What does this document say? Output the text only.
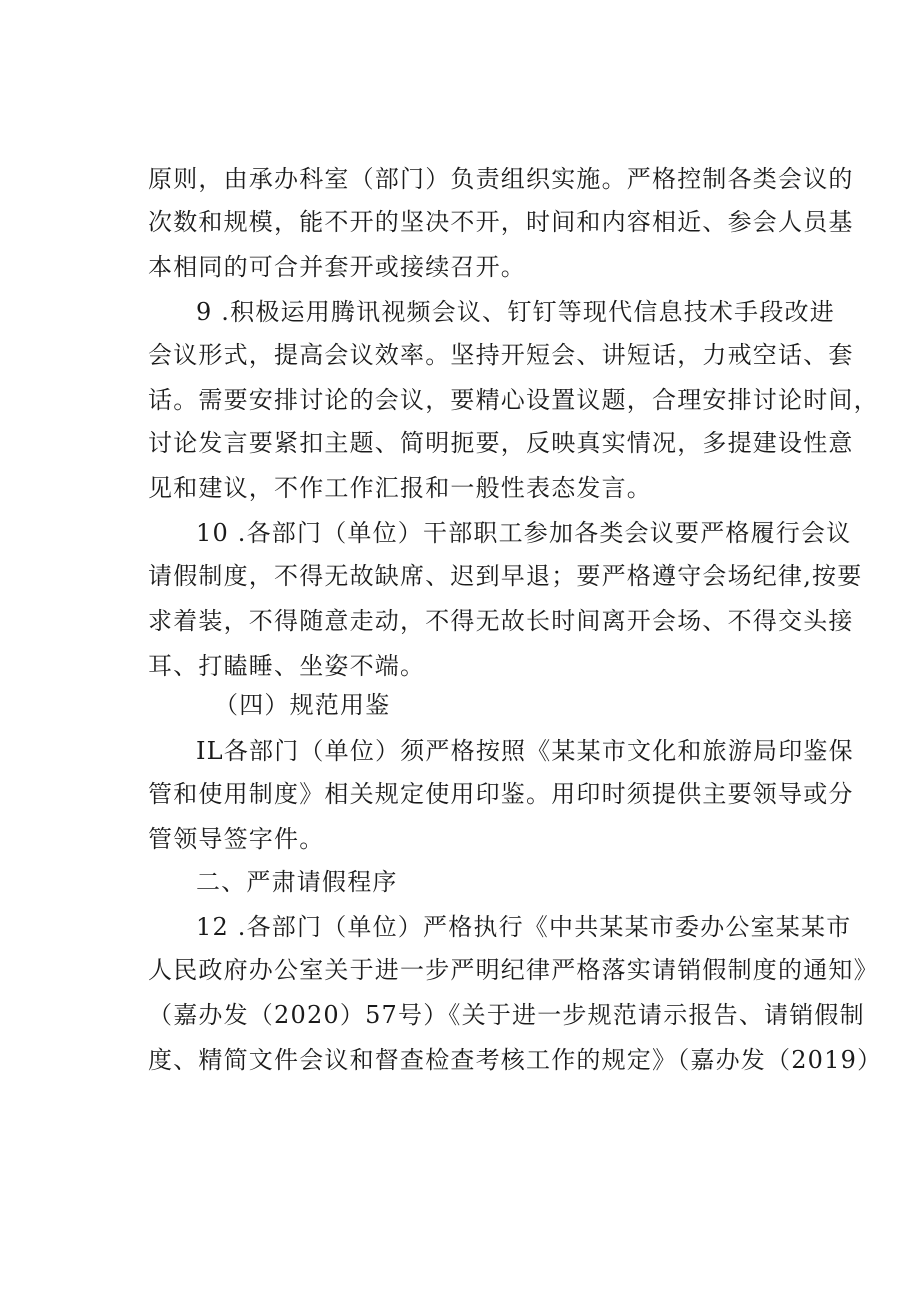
原则，由承办科室（部门）负责组织实施。严格控制各类会议的
次数和规模，能不开的坚决不开，时间和内容相近、参会人员基
本相同的可合并套开或接续召开。
9 .积极运用腾讯视频会议、钉钉等现代信息技术手段改进
会议形式，提高会议效率。坚持开短会、讲短话，力戒空话、套
话。需要安排讨论的会议，要精心设置议题，合理安排讨论时间，
讨论发言要紧扣主题、简明扼要，反映真实情况，多提建设性意
见和建议，不作工作汇报和一般性表态发言。
10 .各部门（单位）干部职工参加各类会议要严格履行会议
请假制度，不得无故缺席、迟到早退；要严格遵守会场纪律,按要
求着装，不得随意走动，不得无故长时间离开会场、不得交头接
耳、打瞌睡、坐姿不端。
（四）规范用鉴
IL各部门（单位）须严格按照《某某市文化和旅游局印鉴保
管和使用制度》相关规定使用印鉴。用印时须提供主要领导或分
管领导签字件。
二、严肃请假程序
12 .各部门（单位）严格执行《中共某某市委办公室某某市
人民政府办公室关于进一步严明纪律严格落实请销假制度的通知》
（嘉办发（2020）57号）《关于进一步规范请示报告、请销假制
度、精简文件会议和督查检查考核工作的规定》（嘉办发（2019）
